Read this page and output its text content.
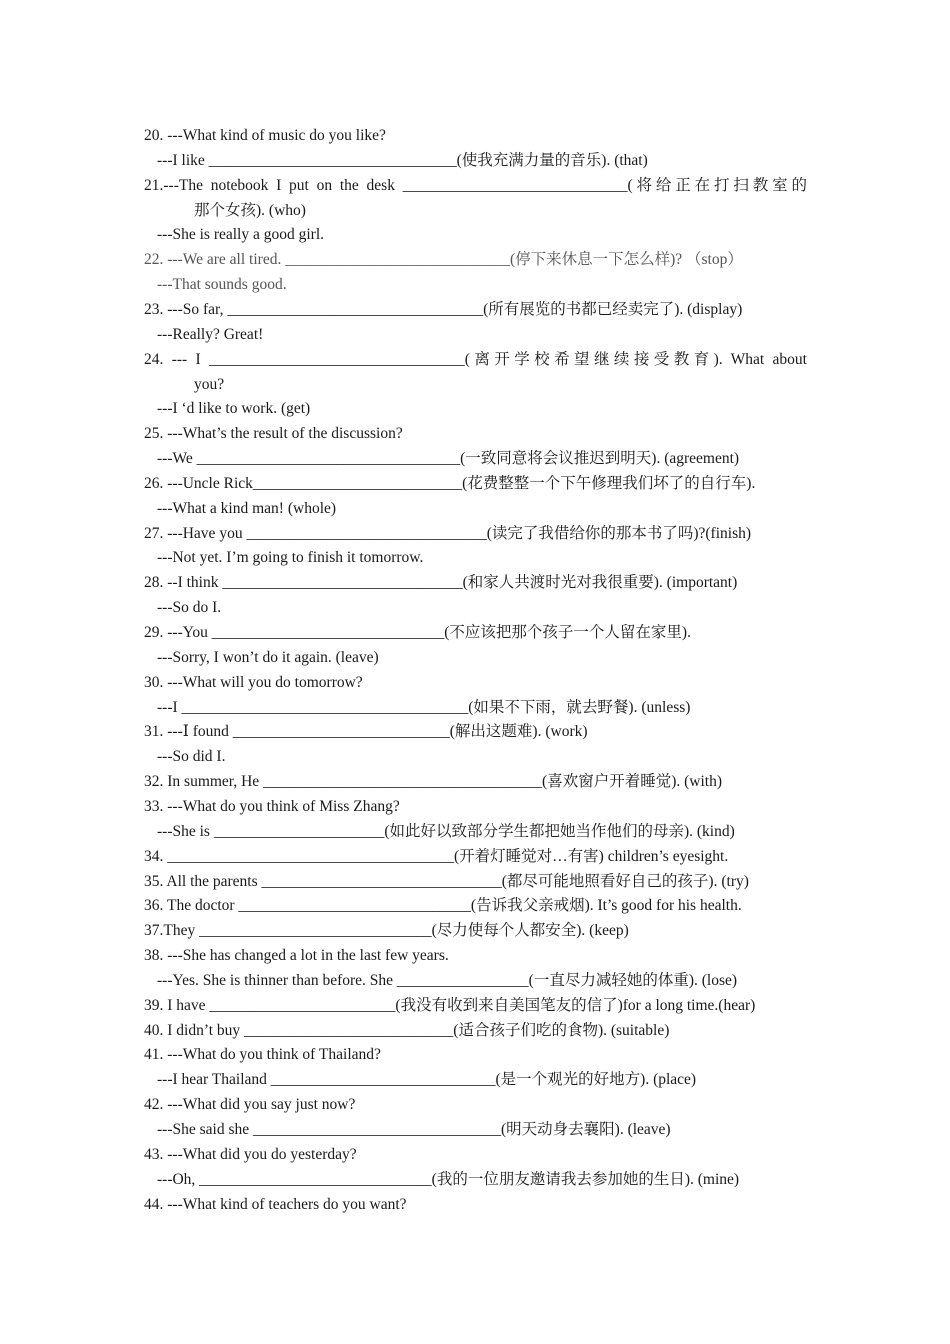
20. ---What kind of music do you like?
---I like ________________________________(使我充满力量的音乐). (that)
21.---The notebook I put on the desk _____________________________(将给正在打扫教室的
那个女孩). (who)
---She is really a good girl.
22. ---We are all tired. _____________________________(停下来休息一下怎么样)? （stop）
---That sounds good.
23. ---So far, _________________________________(所有展览的书都已经卖完了). (display)
---Really? Great!
24. --- I _________________________________(离开学校希望继续接受教育). What about
you?
---I ‘d like to work. (get)
25. ---What’s the result of the discussion?
---We __________________________________(一致同意将会议推迟到明天). (agreement)
26. ---Uncle Rick___________________________(花费整整一个下午修理我们坏了的自行车).
---What a kind man! (whole)
27. ---Have you _______________________________(读完了我借给你的那本书了吗)?(finish)
---Not yet. I’m going to finish it tomorrow.
28. --I think _______________________________(和家人共渡时光对我很重要). (important)
---So do I.
29. ---You ______________________________(不应该把那个孩子一个人留在家里).
---Sorry, I won’t do it again. (leave)
30. ---What will you do tomorrow?
---I _____________________________________(如果不下雨，就去野餐). (unless)
31. ---Ⅰ found ____________________________(解出这题难). (work)
---So did I.
32. In summer, He ____________________________________(喜欢窗户开着睡觉). (with)
33. ---What do you think of Miss Zhang?
---She is ______________________(如此好以致部分学生都把她当作他们的母亲). (kind)
34. _____________________________________(开着灯睡觉对…有害) children’s eyesight.
35. All the parents _______________________________(都尽可能地照看好自己的孩子). (try)
36. The doctor ______________________________(告诉我父亲戒烟). It’s good for his health.
37.They ______________________________(尽力使每个人都安全). (keep)
38. ---She has changed a lot in the last few years.
---Yes. She is thinner than before. She _________________(一直尽力减轻她的体重). (lose)
39. I have ________________________(我没有收到来自美国笔友的信了)for a long time.(hear)
40. I didn’t buy ___________________________(适合孩子们吃的食物). (suitable)
41. ---What do you think of Thailand?
---I hear Thailand _____________________________(是一个观光的好地方). (place)
42. ---What did you say just now?
---She said she ________________________________(明天动身去襄阳). (leave)
43. ---What did you do yesterday?
---Oh, ______________________________(我的一位朋友邀请我去参加她的生日). (mine)
44. ---What kind of teachers do you want?
